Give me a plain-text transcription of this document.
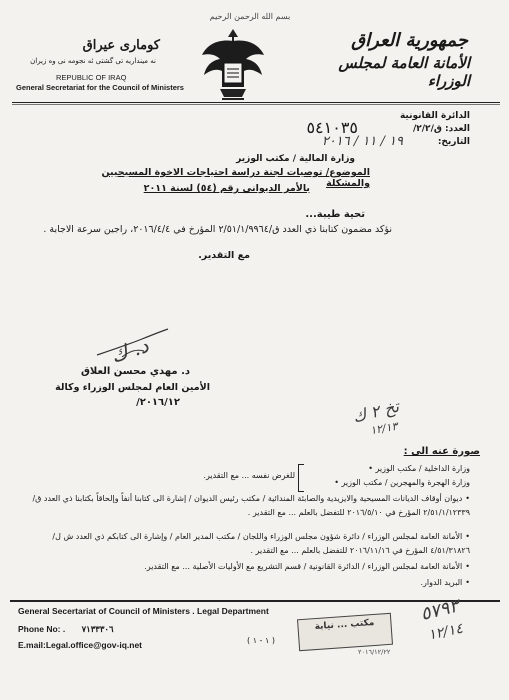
بسم الله الرحمن الرحيم
كومارى عيراق
نه مينداريه تى گشتى ئه نجومه نى وه زيران
REPUBLIC OF IRAQ
General Secretariat for the Council of Ministers
جمهورية العراق
الأمانة العامة لمجلس الوزراء
الدائرة القانونية
العدد: ق/٢/٢/
٥٤١٠٣٥
التاريخ:
١٩ / ١١ / ٢٠١٦
وزارة المالية / مكتب الوزير
الموضوع/ توصيات لجنة دراسة احتياجات الاخوة المسيحيين والمشكلة
بالأمر الديواني رقم (٥٤) لسنة ٢٠١١
تحية طيبة...
نؤكد مضمون كتابنا ذي العدد ق/٢/٥١/١/٩٩٦٤ المؤرخ في ٢٠١٦/٤/٤، راجين سرعة الاجابة .
مع التقدير.
د. ك
د. مهدي محسن العلاق
الأمين العام لمجلس الوزراء وكالة
٢٠١٦/١٢/
تخ ٢ ك
١٢/١٣
صورة عنه الى :
وزارة الداخلية / مكتب الوزير •
وزارة الهجرة والمهجرين / مكتب الوزير •
للغرض نفسه ... مع التقدير.
•
ديوان أوقاف الديانات المسيحية والايزيدية والصابئة المندائية / مكتب رئيس الديوان / إشارة الى كتابنا أنفاً وإلحاقاً بكتابنا ذي العدد ق/٢/٥١/١/١٢٣٣٩ المؤرخ في ٢٠١٦/٥/١٠ للتفضل بالعلم ... مع التقدير .
•
الأمانة العامة لمجلس الوزراء / دائرة شؤون مجلس الوزراء واللجان / مكتب المدير العام / وإشارة الى كتابكم ذي العدد ش ل/٤/٥١/٣١٨٢٦ المؤرخ في ٢٠١٦/١١/١٦ للتفضل بالعلم ... مع التقدير .
•
الأمانة العامة لمجلس الوزراء / الدائرة القانونية / قسم التشريع مع الأوليات الأصلية ... مع التقدير.
•
البريد الدوار.
General Secertariat of Council of Ministers . Legal Department
Phone No: . ٧١٣٣٣٠٦
E.mail:Legal.office@gov-iq.net	( ١ - ١ )
مكتب ... نيابة
٢٠١٦/١٢/٢٢
٥٧٩٣
١٢/١٤
